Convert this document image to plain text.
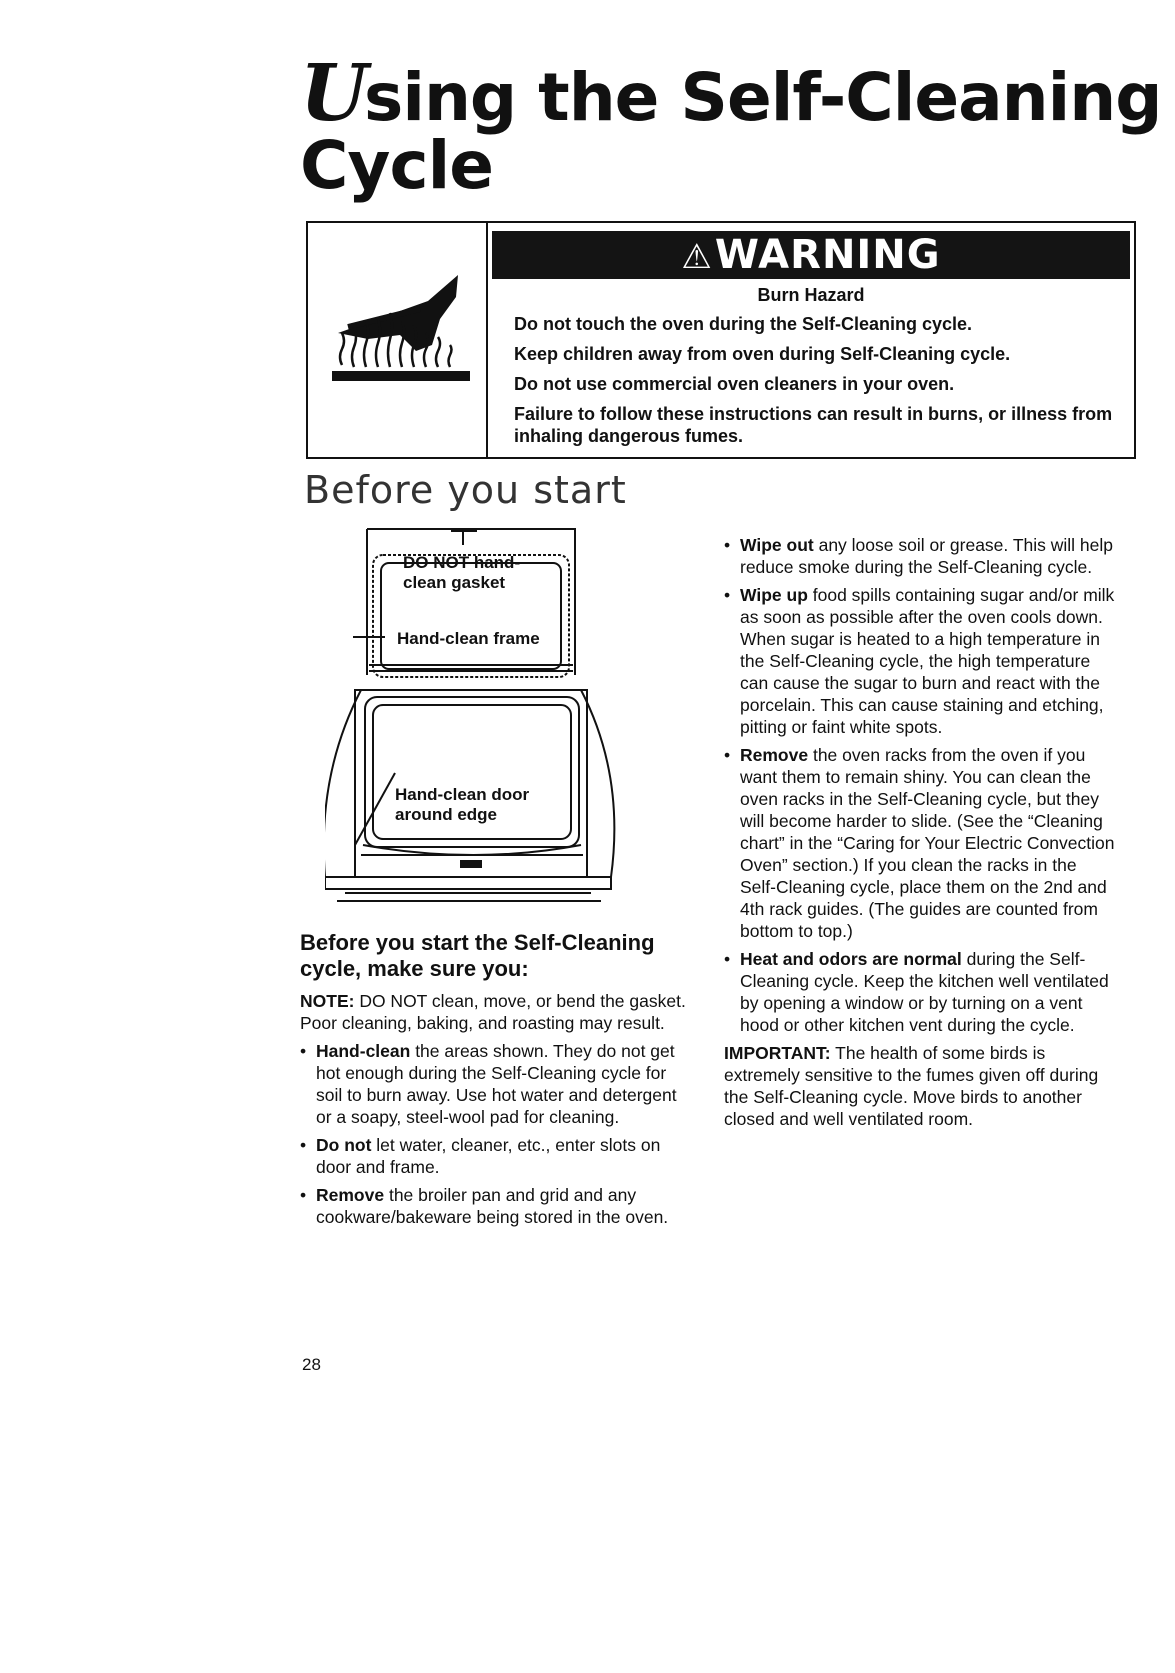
Using the Self-Cleaning
Cycle
⚠WARNING
Burn Hazard

Do not touch the oven during the Self-Cleaning cycle.

Keep children away from oven during Self-Cleaning cycle.

Do not use commercial oven cleaners in your oven.

Failure to follow these instructions can result in burns, or illness from inhaling dangerous fumes.

Before you start
DO NOT hand-clean gasket
Hand-clean frame
Hand-clean door around edge
Before you start the Self-Cleaning cycle, make sure you:

NOTE: DO NOT clean, move, or bend the gasket. Poor cleaning, baking, and roasting may result.

• Hand-clean the areas shown. They do not get hot enough during the Self-Cleaning cycle for soil to burn away. Use hot water and detergent or a soapy, steel-wool pad for cleaning.

• Do not let water, cleaner, etc., enter slots on door and frame.

• Remove the broiler pan and grid and any cookware/bakeware being stored in the oven.

• Wipe out any loose soil or grease. This will help reduce smoke during the Self-Cleaning cycle.

• Wipe up food spills containing sugar and/or milk as soon as possible after the oven cools down. When sugar is heated to a high temperature in the Self-Cleaning cycle, the high temperature can cause the sugar to burn and react with the porcelain. This can cause staining and etching, pitting or faint white spots.

• Remove the oven racks from the oven if you want them to remain shiny. You can clean the oven racks in the Self-Cleaning cycle, but they will become harder to slide. (See the “Cleaning chart” in the “Caring for Your Electric Convection Oven” section.) If you clean the racks in the Self-Cleaning cycle, place them on the 2nd and 4th rack guides. (The guides are counted from bottom to top.)

• Heat and odors are normal during the Self-Cleaning cycle. Keep the kitchen well ventilated by opening a window or by turning on a vent hood or other kitchen vent during the cycle.

IMPORTANT: The health of some birds is extremely sensitive to the fumes given off during the Self-Cleaning cycle. Move birds to another closed and well ventilated room.

28
